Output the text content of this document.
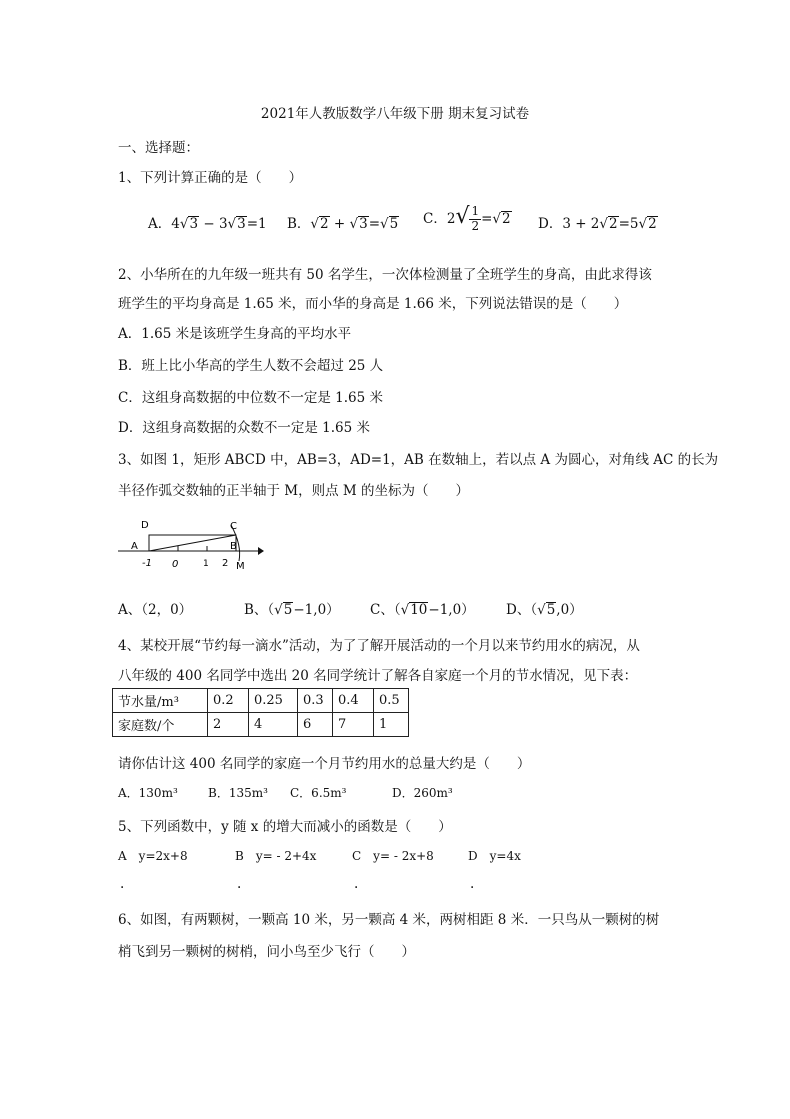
2021年人教版数学八年级下册 期末复习试卷
一、选择题：
1、下列计算正确的是（　　）
A．4√3 − 3√3=1 B．√2 + √3=√5 C．$2√ \frac{1}{2} =√2$ D．3 + 2√2=5√2
2、小华所在的九年级一班共有 50 名学生，一次体检测量了全班学生的身高，由此求得该
班学生的平均身高是 1.65 米，而小华的身高是 1.66 米，下列说法错误的是（　　）
A．1.65 米是该班学生身高的平均水平
B．班上比小华高的学生人数不会超过 25 人
C．这组身高数据的中位数不一定是 1.65 米
D．这组身高数据的众数不一定是 1.65 米
3、如图 1，矩形 ABCD 中，AB=3，AD=1，AB 在数轴上，若以点 A 为圆心，对角线 AC 的长为
半径作弧交数轴的正半轴于 M，则点 M 的坐标为（　　）
D	C
A	B
M
-1 0	1 2
A、（2，0）	B、（√5−1,0） C、（√10−1,0） D、（√5,0）
4、某校开展“节约每一滴水”活动，为了了解开展活动的一个月以来节约用水的病况，从
八年级的 400 名同学中选出 20 名同学统计了解各自家庭一个月的节水情况，见下表：
节水量/m³	0.2	0.25	0.3	0.4	0.5
家庭数/个	2	4	6	7	1
请你估计这 400 名同学的家庭一个月节约用水的总量大约是（　　）
A．130m³	B．135m³ C．6.5m³	D．260m³
5、下列函数中，y 随 x 的增大而减小的函数是（　　）
A　y=2x+8	B　y= - 2+4x	C　y= - 2x+8	D　y=4x
.	.	.	.
6、如图，有两颗树，一颗高 10 米，另一颗高 4 米，两树相距 8 米．一只鸟从一颗树的树
梢飞到另一颗树的树梢，问小鸟至少飞行（　　）
